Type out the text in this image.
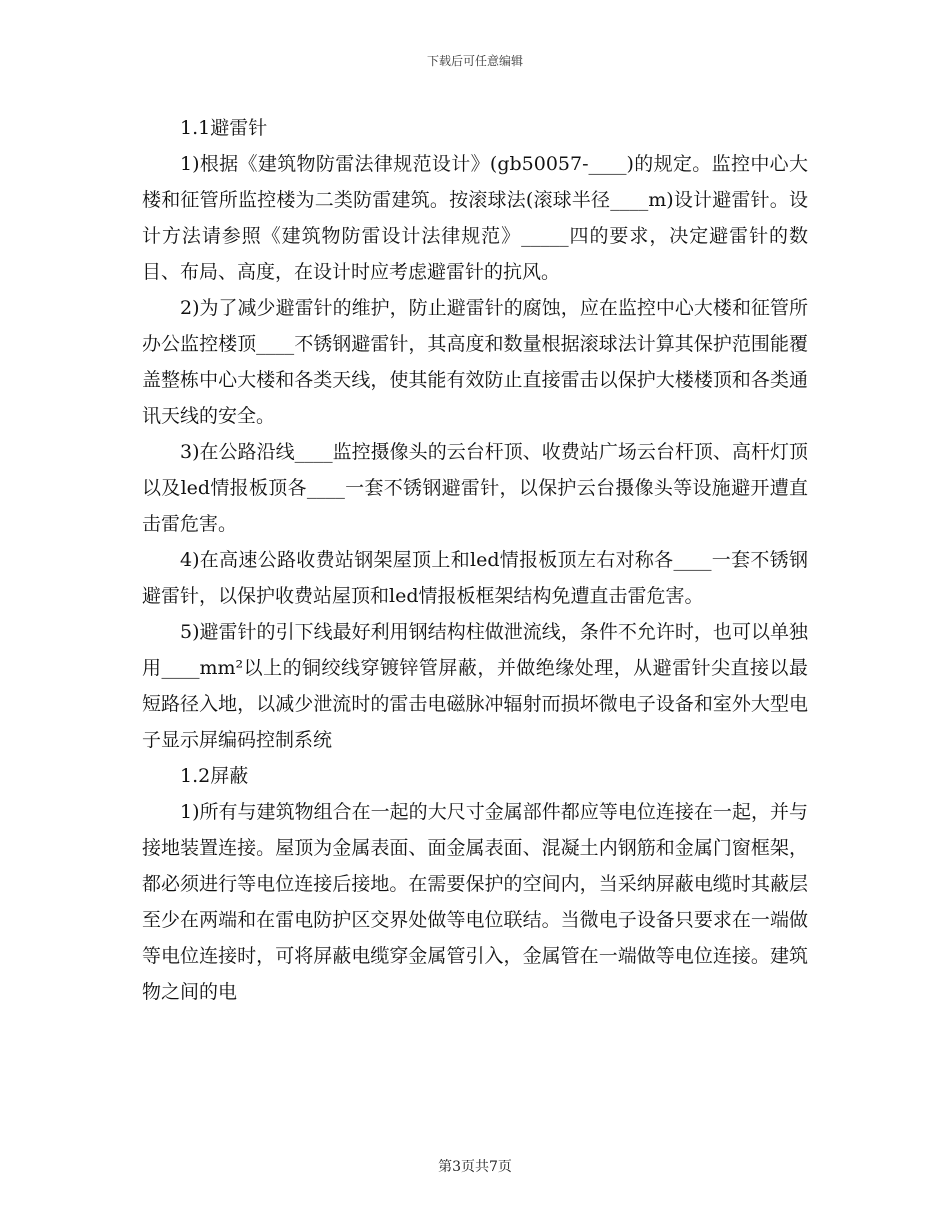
下载后可任意编辑

1.1避雷针

1)根据《建筑物防雷法律规范设计》(gb50057-____)的规定。监控中心大楼和征管所监控楼为二类防雷建筑。按滚球法(滚球半径____m)设计避雷针。设计方法请参照《建筑物防雷设计法律规范》_____四的要求，决定避雷针的数目、布局、高度，在设计时应考虑避雷针的抗风。

2)为了减少避雷针的维护，防止避雷针的腐蚀，应在监控中心大楼和征管所办公监控楼顶____不锈钢避雷针，其高度和数量根据滚球法计算其保护范围能覆盖整栋中心大楼和各类天线，使其能有效防止直接雷击以保护大楼楼顶和各类通讯天线的安全。

3)在公路沿线____监控摄像头的云台杆顶、收费站广场云台杆顶、高杆灯顶以及led情报板顶各____一套不锈钢避雷针，以保护云台摄像头等设施避开遭直击雷危害。

4)在高速公路收费站钢架屋顶上和led情报板顶左右对称各____一套不锈钢避雷针，以保护收费站屋顶和led情报板框架结构免遭直击雷危害。

5)避雷针的引下线最好利用钢结构柱做泄流线，条件不允许时，也可以单独用____mm²以上的铜绞线穿镀锌管屏蔽，并做绝缘处理，从避雷针尖直接以最短路径入地，以减少泄流时的雷击电磁脉冲辐射而损坏微电子设备和室外大型电子显示屏编码控制系统

1.2屏蔽

1)所有与建筑物组合在一起的大尺寸金属部件都应等电位连接在一起，并与接地装置连接。屋顶为金属表面、面金属表面、混凝土内钢筋和金属门窗框架，都必须进行等电位连接后接地。在需要保护的空间内，当采纳屏蔽电缆时其蔽层至少在两端和在雷电防护区交界处做等电位联结。当微电子设备只要求在一端做等电位连接时，可将屏蔽电缆穿金属管引入，金属管在一端做等电位连接。建筑物之间的电

第3页共7页
